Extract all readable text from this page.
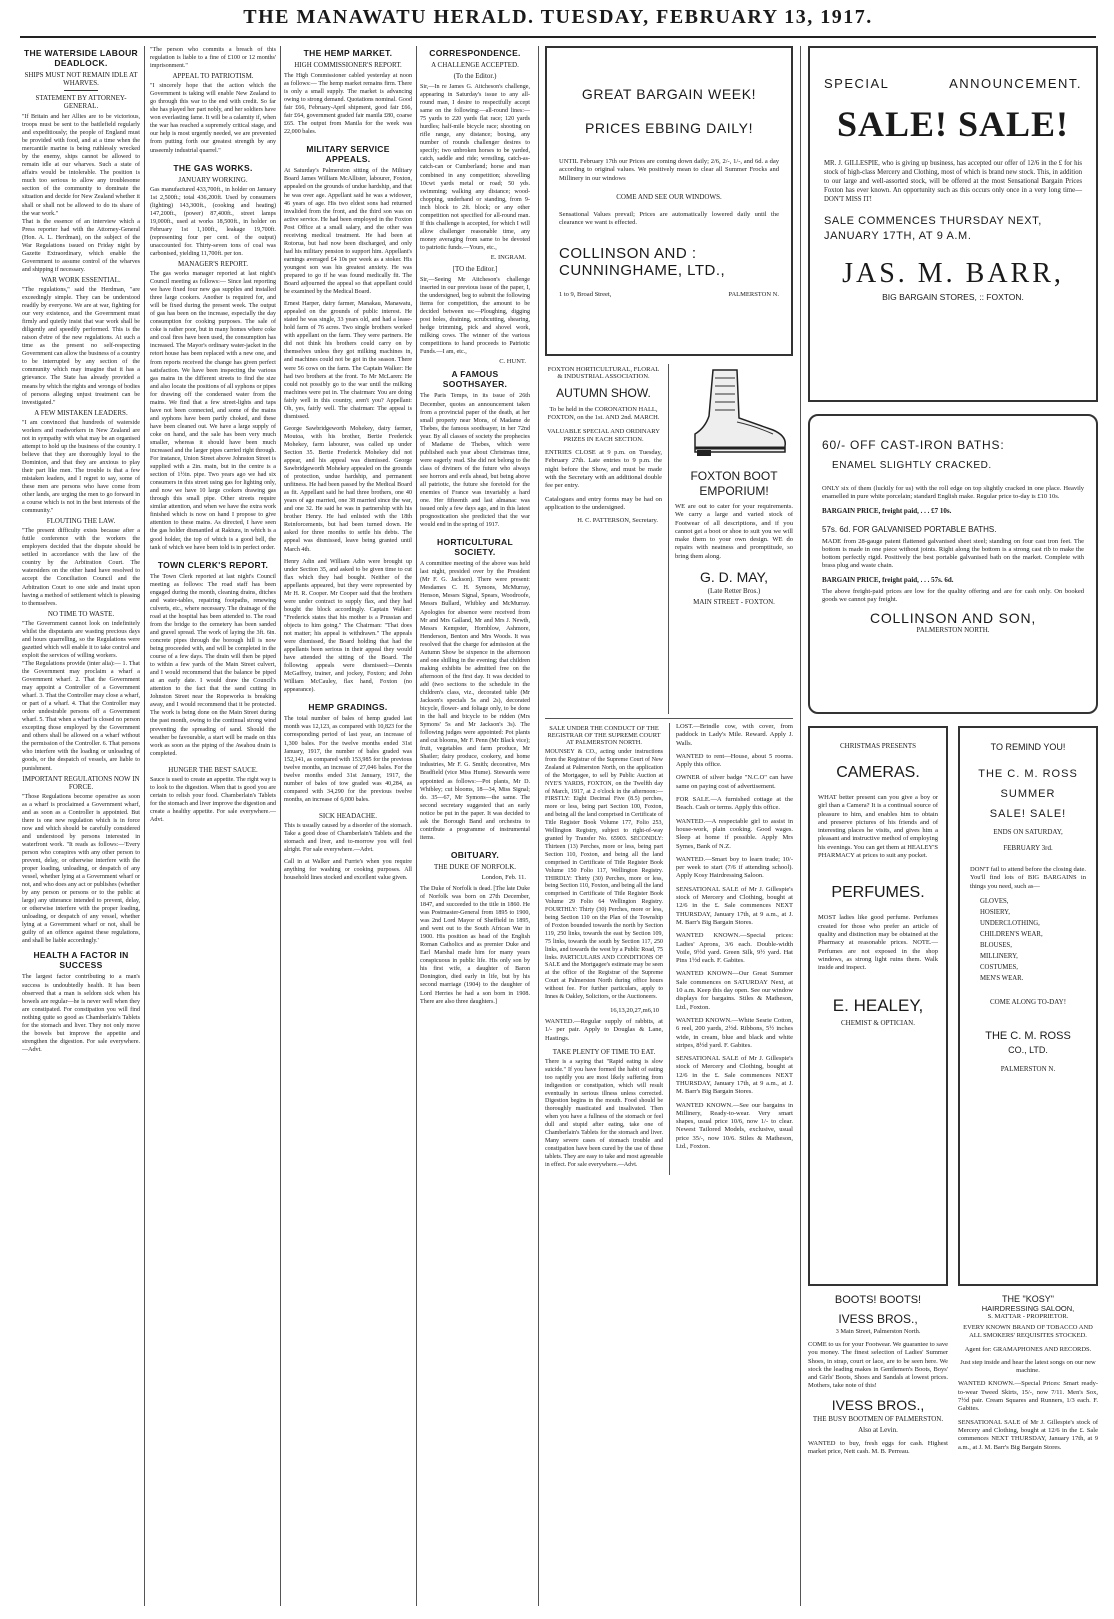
THE MANAWATU HERALD. TUESDAY, FEBRUARY 13, 1917.
THE WATERSIDE LABOUR DEADLOCK.
SHIPS MUST NOT REMAIN IDLE AT WHARVES.
STATEMENT BY ATTORNEY-GENERAL.

"If Britain and her Allies are to be victorious, troops must be sent to the battlefield regularly and expeditiously; the people of England must be provided with food, and at a time when the mercantile marine is being ruthlessly wrecked by the enemy, ships cannot be allowed to remain idle at our wharves. Such a state of affairs would be intolerable. The position is much too serious to allow any troublesome section of the community to dominate the situation and decide for New Zealand whether it shall or shall not be allowed to do its share of the war work."

That is the essence of an interview which a Press reporter had with the Attorney-General (Hon. A. L. Herdman), on the subject of the War Regulations issued on Friday night by Gazette Extraordinary, which enable the Government to assume control of the wharves and shipping if necessary.

WAR WORK ESSENTIAL.

"The regulations," said the Herdman, "are exceedingly simple. They can be understood readily by everyone. We are at war, fighting for our very existence, and the Government must firmly and quietly insist that war work shall be diligently and speedily performed. This is the raison d'etre of the new regulations. At such a time as the present no self-respecting Government can allow the business of a country to be interrupted by any section of the community which may imagine that it has a grievance. The State has already provided a means by which the rights and wrongs of bodies of persons alleging unjust treatment can be investigated."

A FEW MISTAKEN LEADERS.

"I am convinced that hundreds of waterside workers and roadworkers in New Zealand are not in sympathy with what may be an organised attempt to hold up the business of the country. I believe that they are thoroughly loyal to the Dominion, and that they are anxious to play their part like men. The trouble is that a few mistaken leaders, and I regret to say, some of these men are persons who have come from other lands, are urging the men to go forward in a course which is not in the best interests of the community."

FLOUTING THE LAW.

"The present difficulty exists because after a futile conference with the workers the employers decided that the dispute should be settled in accordance with the law of the country by the Arbitration Court. The watersiders on the other hand have resolved to accept the Conciliation Council and the Arbitration Court to one side and insist upon having a method of settlement which is pleasing to themselves.

NO TIME TO WASTE.

"The Government cannot look on indefinitely whilst the disputants are wasting precious days and hours quarrelling, so the Regulations were gazetted which will enable it to take control and exploit the services of willing workers.

"The Regulations provide (inter alia):— 1. That the Government may proclaim a wharf a Government wharf. 2. That the Government may appoint a Controller of a Government wharf. 3. That the Controller may close a wharf, or part of a wharf. 4. That the Controller may order undesirable persons off a Government wharf. 5. That when a wharf is closed no person excepting those employed by the Government and others shall be allowed on a wharf without the permission of the Controller. 6. That persons who interfere with the loading or unloading of goods, or the despatch of vessels, are liable to punishment.

IMPORTANT REGULATIONS NOW IN FORCE.

"Those Regulations become operative as soon as a wharf is proclaimed a Government wharf, and as soon as a Controller is appointed. But there is one new regulation which is in force now and which should be carefully considered and understood by persons interested in waterfront work. "It reads as follows:—'Every person who conspires with any other person to prevent, delay, or otherwise interfere with the proper loading, unloading, or despatch of any vessel, whether lying at a Government wharf or not, and who does any act or publishes (whether by any person or persons or to the public at large) any utterance intended to prevent, delay, or otherwise interfere with the proper loading, unloading, or despatch of any vessel, whether lying at a Government wharf or not, shall be guilty of an offence against these regulations, and shall be liable accordingly.'

HEALTH A FACTOR IN SUCCESS

The largest factor contributing to a man's success is undoubtedly health. It has been observed that a man is seldom sick when his bowels are regular—he is never well when they are constipated. For constipation you will find nothing quite so good as Chamberlain's Tablets for the stomach and liver. They not only move the bowels but improve the appetite and strengthen the digestion. For sale everywhere. —Advt.

"The person who commits a breach of this regulation is liable to a fine of £100 or 12 months' imprisonment."

APPEAL TO PATRIOTISM.

"I sincerely hope that the action which the Government is taking will enable New Zealand to go through this war to the end with credit. So far she has played her part nobly, and her soldiers have won everlasting fame. It will be a calamity if, when the war has reached a supremely critical stage, and our help is most urgently needed, we are prevented from putting forth our greatest strength by any unseemly industrial quarrel."

THE GAS WORKS.
JANUARY WORKING.

Gas manufactured 433,700ft., in holder on January 1st 2,500ft.; total 436,200ft. Used by consumers (lighting) 143,300ft., (cooking and heating) 147,200ft., (power) 87,400ft., street lamps 19,000ft., used at works 18,500ft., in holder on February 1st 1,100ft., leakage 19,700ft. (representing four per cent. of the output) unaccounted for. Thirty-seven tons of coal was carbonised, yielding 11,700ft. per ton.

MANAGER'S REPORT.

The gas works manager reported at last night's Council meeting as follows:— Since last reporting we have fixed four new gas supplies and installed three large cookers. Another is required for, and will be fixed during the present week. The output of gas has been on the increase, especially the day consumption for cooking purposes. The sale of coke is rather poor, but in many homes where coke and coal fires have been used, the consumption has increased. The Mayor's ordinary water-jacket in the retort house has been replaced with a new one, and from reports received the change has given perfect satisfaction. We have been inspecting the various gas mains in the different streets to find the size and also locate the positions of all syphons or pipes for drawing off the condensed water from the mains. We find that a few street-lights and taps have not been connected, and some of the mains and syphons have been partly choked, and these have been cleaned out. We have a large supply of coke on hand, and the sale has been very much smaller, whereas it should have been much increased and the larger pipes carried right through. For instance, Union Street above Johnston Street is supplied with a 2in. main, but in the centre is a section of 1½in. pipe. Two years ago we had six consumers in this street using gas for lighting only, and now we have 10 large cookers drawing gas through this small pipe. Other streets require similar attention, and when we have the extra work finished which is now on hand I propose to give attention to these mains. As directed, I have seen the gas holder dismantled at Rakiura, in which is a good holder, the top of which is a good bell, the tank of which we have been told is in perfect order.

TOWN CLERK'S REPORT.

The Town Clerk reported at last night's Council meeting as follows: The road staff has been engaged during the month, cleaning drains, ditches and water-tables, repairing footpaths, renewing culverts, etc., where necessary. The drainage of the road at the hospital has been attended to. The road from the bridge to the cemetery has been sanded and gravel spread. The work of laying the 3ft. 6in. concrete pipes through the borough hill is now being proceeded with, and will be completed in the course of a few days. The drain will then be piped to within a few yards of the Main Street culvert, and I would recommend that the balance be piped at an early date. I would draw the Council's attention to the fact that the sand cutting in Johnston Street near the Ropeworks is breaking away, and I would recommend that it be protected. The work is being done on the Main Street during the past month, owing to the continual strong wind preventing the spreading of sand. Should the weather be favourable, a start will be made on this work as soon as the piping of the Awahou drain is completed.

HUNGER THE BEST SAUCE.

Sauce is used to create an appetite. The right way is to look to the digestion. When that is good you are certain to relish your food. Chamberlain's Tablets for the stomach and liver improve the digestion and create a healthy appetite. For sale everywhere.—Advt.

THE HEMP MARKET.
HIGH COMMISSIONER'S REPORT.

The High Commissioner cabled yesterday at noon as follows:— The hemp market remains firm. There is only a small supply. The market is advancing owing to strong demand. Quotations nominal. Good fair £66, February-April shipment, good fair £66, fair £64, government graded fair manila £80, coarse £65. The output from Manila for the week was 22,000 bales.

MILITARY SERVICE APPEALS.

At Saturday's Palmerston sitting of the Military Board James William McAllister, labourer, Foxton, appealed on the grounds of undue hardship, and that he was over age. Appellant said he was a widower, 46 years of age. His two eldest sons had returned invalided from the front, and the third son was on active service. He had been employed in the Foxton Post Office at a small salary, and the other was receiving medical treatment. He had been at Rotorua, but had now been discharged, and only had his military pension to support him. Appellant's earnings averaged £4 10s per week as a stoker. His youngest son was his greatest anxiety. He was prepared to go if he was found medically fit. The Board adjourned the appeal so that appellant could be examined by the Medical Board.

Ernest Harper, dairy farmer, Manakau, Manawatu, appealed on the grounds of public interest. He stated he was single, 33 years old, and had a lease-hold farm of 76 acres. Two single brothers worked with appellant on the farm. They were partners. He did not think his brothers could carry on by themselves unless they got milking machines in, and machines could not be got in the season. There were 56 cows on the farm. The Captain Walker: He had two brothers at the front. To Mr McLaren: He could not possibly go to the war until the milking machines were put in. The chairman: You are doing fairly well in this country, aren't you? Appellant: Oh, yes, fairly well. The chairman: The appeal is dismissed.

George Sawbridgeworth Mohekey, dairy farmer, Moutoa, with his brother, Bertie Frederick Mohekey, farm labourer, was called up under Section 35. Bertie Frederick Mohekey did not appear, and his appeal was dismissed. George Sawbridgeworth Mohekey appealed on the grounds of protection, undue hardship, and permanent unfitness. He had been passed by the Medical Board as fit. Appellant said he had three brothers, one 40 years of age married, one 38 married since the war, and one 32. He said he was in partnership with his brother Henry. He had enlisted with the 18th Reinforcements, but had been turned down. He asked for three months to settle his debts. The appeal was dismissed, leave being granted until March 4th.

Henry Adin and William Adin were brought up under Section 35, and asked to be given time to cut flax which they had bought. Neither of the appellants appeared, but they were represented by Mr H. R. Cooper. Mr Cooper said that the brothers were under contract to supply flax, and they had bought the block accordingly. Captain Walker: "Frederick states that his mother is a Prussian and objects to him going." The Chairman: "That does not matter; his appeal is withdrawn." The appeals were dismissed, the Board holding that had the appellants been serious in their appeal they would have attended the sitting of the Board. The following appeals were dismissed:—Dennis McGaffrey, trainer, and jockey, Foxton; and John William McCauley, flax hand, Foxton (no appearance).

HEMP GRADINGS.

The total number of bales of hemp graded last month was 12,123, as compared with 10,823 for the corresponding period of last year, an increase of 1,300 bales. For the twelve months ended 31st January, 1917, the number of bales graded was 152,141, as compared with 153,985 for the previous twelve months, an increase of 27,046 bales. For the twelve months ended 31st January, 1917, the number of bales of tow graded was 40,284, as compared with 34,290 for the previous twelve months, an increase of 6,000 bales.

SICK HEADACHE.

This is usually caused by a disorder of the stomach. Take a good dose of Chamberlain's Tablets and the stomach and liver, and to-morrow you will feel alright. For sale everywhere.—Advt.

Call in at Walker and Furrie's when you require anything for washing or cooking purposes. All household lines stocked and excellent value given.

CORRESPONDENCE.
A CHALLENGE ACCEPTED.
(To the Editor.)

Sir,—In re James G. Aitcheson's challenge, appearing in Saturday's issue to any all-round man, I desire to respectfully accept same on the following:—all-round lines:— 75 yards to 220 yards flat race; 120 yards hurdles; half-mile bicycle race; shooting on rifle range, any distance; boxing, any number of rounds challenger desires to specify; two unbroken horses to be yarded, catch, saddle and ride; wrestling, catch-as-catch-can or Cumberland; horse and man combined in any competition; shovelling 10cwt yards metal or road; 50 yds. swimming; walking any distance; wood-chopping, underhand or standing, from 9-inch block to 2ft. block; or any other competition not specified for all-round man. If this challenge is accepted, for which I will allow challenger reasonable time, any money averaging from same to be devoted to patriotic funds.—Yours, etc.,

E. INGRAM.
[TO the Editor.]

Sir,—Seeing Mr Aitcheson's challenge inserted in our previous issue of the paper, I, the undersigned, beg to submit the following items for competition, the amount to be decided between us:—Ploughing, digging post holes, draining, scrubcutting, shearing, hedge trimming, pick and shovel work, milking cows. The winner of the various competitions to hand proceeds to Patriotic Funds.—I am, etc.,

C. HUNT.
A FAMOUS SOOTHSAYER.

The Paris Temps, in its issue of 26th December, quotes an announcement taken from a provincial paper of the death, at her small property near Mons, of Madame de Thebes, the famous soothsayer, in her 72nd year. By all classes of society the prophecies of Madame de Thebes, which were published each year about Christmas time, were eagerly read. She did not belong to the class of diviners of the future who always see horrors and evils ahead, but being above all patriotic, the future she foretold for the enemies of France was invariably a hard one. Her fifteenth and last almanac was issued only a few days ago, and in this latest prognostication she predicted that the war would end in the spring of 1917.

HORTICULTURAL SOCIETY.

A committee meeting of the above was held last night, presided over by the President (Mr F. G. Jackson). There were present: Mesdames C. H. Symons, McMurray, Henson, Messrs Signal, Spears, Woodroofe, Messrs Bullard, Whibley and McMurray. Apologies for absence were received from Mr and Mrs Galland, Mr and Mrs J. Newth, Messrs Kempster, Hornblow, Ashmore, Henderson, Benton and Mrs Woods. It was resolved that the charge for admission at the Autumn Show be sixpence in the afternoon and one shilling in the evening; that children making exhibits be admitted free on the afternoon of the first day. It was decided to add (two sections to the schedule in the children's class, viz., decorated table (Mr Jackson's specials 5s and 2s), decorated bicycle, flower- and foliage only, to be done in the hall and bicycle to be ridden (Mrs Symons' 5s and Mr Jackson's 3s). The following judges were appointed: Pot plants and cut blooms, Mr F. Penn (Mr Black vice); fruit, vegetables and farm produce, Mr Shailer; dairy produce, cookery, and home industries, Mr F. G. Smith; decorative, Mrs Bradfield (vice Miss Hume). Stewards were appointed as follows:—Pot plants, Mr D. Whibley; cut blooms, 18—34, Miss Signal; do. 35—67, Mr Symons—the same. The second secretary suggested that an early notice be put in the paper. It was decided to ask the Borough Band and orchestra to contribute a programme of instrumental items.

OBITUARY.
THE DUKE OF NORFOLK.
London, Feb. 11.

The Duke of Norfolk is dead. [The late Duke of Norfolk was born on 27th December, 1847, and succeeded to the title in 1860. He was Postmaster-General from 1895 to 1900, was 2nd Lord Mayor of Sheffield in 1895, and went out to the South African War in 1900. His position as head of the English Roman Catholics and as premier Duke and Earl Marshal made him for many years conspicuous in public life. His only son by his first wife, a daughter of Baron Donington, died early in life, but by his second marriage (1904) to the daughter of Lord Herries he had a son born in 1908. There are also three daughters.]

GREAT BARGAIN WEEK!
PRICES EBBING DAILY!

UNTIL February 17th our Prices are coming down daily; 2/6, 2/-, 1/-, and 6d. a day according to original values. We positively mean to clear all Summer Frocks and Millinery in our windows

COME AND SEE OUR WINDOWS.

Sensational Values prevail; Prices are automatically lowered daily until the clearance we want is effected.

COLLINSON AND :
CUNNINGHAME, LTD.,
1 to 9, Broad Street,	PALMERSTON N.
FOXTON HORTICULTURAL, FLORAL & INDUSTRIAL ASSOCIATION.
AUTUMN SHOW.

To be held in the CORONATION HALL, FOXTON, on the 1st. AND 2nd. MARCH.

VALUABLE SPECIAL AND ORDINARY PRIZES IN EACH SECTION.

ENTRIES CLOSE at 9 p.m. on Tuesday, February 27th. Late entries to 9 p.m. the night before the Show, and must be made with the Secretary with an additional double fee per entry.

Catalogues and entry forms may be had on application to the undersigned.

H. C. PATTERSON, Secretary.
FOXTON BOOT EMPORIUM!

WE are out to cater for your requirements. We carry a large and varied stock of Footwear of all descriptions, and if you cannot get a boot or shoe to suit you we will make them to your own design. WE do repairs with neatness and promptitude, so bring them along.

G. D. MAY,
(Late Retter Bros.)
MAIN STREET - FOXTON.
SALE UNDER THE CONDUCT OF THE REGISTRAR OF THE SUPREME COURT AT PALMERSTON NORTH.

MOUNSEY & CO., acting under instructions from the Registrar of the Supreme Court of New Zealand at Palmerston North, on the application of the Mortgagee, to sell by Public Auction at NYE'S YARDS, FOXTON, on the Twelfth day of March, 1917, at 2 o'clock in the afternoon:— FIRSTLY: Eight Decimal Five (8.5) perches, more or less, being part Section 100, Foxton, and being all the land comprised in Certificate of Title Register Book Volume 177, Folio 253, Wellington Registry, subject to right-of-way granted by Transfer No. 65903. SECONDLY: Thirteen (13) Perches, more or less, being part Section 110, Foxton, and being all the land comprised in Certificate of Title Register Book Volume 150 Folio 117, Wellington Registry. THIRDLY: Thirty (30) Perches, more or less, being Section 110, Foxton, and being all the land comprised in Certificate of Title Register Book Volume 29 Folio 64 Wellington Registry. FOURTHLY: Thirty (30) Perches, more or less, being Section 110 on the Plan of the Township of Foxton bounded towards the north by Section 119, 250 links, towards the east by Section 109, 75 links, towards the south by Section 117, 250 links, and towards the west by a Public Road, 75 links. PARTICULARS AND CONDITIONS OF SALE and the Mortgagee's estimate may be seen at the office of the Registrar of the Supreme Court at Palmerston North during office hours without fee. For further particulars, apply to Innes & Oakley, Solicitors, or the Auctioneers.

16,13,20,27,m6,10

WANTED.—Regular supply of rabbits, at 1/- per pair. Apply to Douglas & Lane, Hastings.

TAKE PLENTY OF TIME TO EAT.

There is a saying that "Rapid eating is slow suicide." If you have formed the habit of eating too rapidly you are most likely suffering from indigestion or constipation, which will result eventually in serious illness unless corrected. Digestion begins in the mouth. Food should be thoroughly masticated and insalivated. Then when you have a fullness of the stomach or feel dull and stupid after eating, take one of Chamberlain's Tablets for the stomach and liver. Many severe cases of stomach trouble and constipation have been cured by the use of these tablets. They are easy to take and most agreeable in effect. For sale everywhere.—Advt.

LOST.—Brindle cow, with cover, from paddock in Lady's Mile. Reward. Apply J. Walls.

WANTED to rent—House, about 5 rooms. Apply this office.

OWNER of silver badge "N.C.O" can have same on paying cost of advertisement.

FOR SALE.—A furnished cottage at the Beach. Cash or terms. Apply this office.

WANTED.—A respectable girl to assist in house-work, plain cooking. Good wages. Sleep at home if possible. Apply Mrs Symes, Bank of N.Z.

WANTED.—Smart boy to learn trade; 10/- per week to start (7/6 if attending school). Apply Kosy Hairdressing Saloon.

SENSATIONAL SALE of Mr J. Gillespie's stock of Mercery and Clothing, bought at 12/6 in the £. Sale commences NEXT THURSDAY, January 17th, at 9 a.m., at J. M. Barr's Big Bargain Stores.

WANTED KNOWN.—Special prices: Ladies' Aprons, 3/6 each. Double-width Voile, 9½d yard. Green Silk, 9½ yard. Hat Pins 1½d each. F. Gabites.

WANTED KNOWN—Our Great Summer Sale commences on SATURDAY Next, at 10 a.m. Keep this day open. See our window displays for bargains. Stiles & Matheson, Ltd., Foxton.

WANTED KNOWN.—White Sesrie Cotton, 6 reel, 200 yards, 2½d. Ribbons, 5½ inches wide, in cream, blue and black and white stripes, 8½d yard. F. Gabites.

SENSATIONAL SALE of Mr J. Gillespie's stock of Mercery and Clothing, bought at 12/6 in the £. Sale commences NEXT THURSDAY, January 17th, at 9 a.m., at J. M. Barr's Big Bargain Stores.

WANTED KNOWN.—See our bargains in Millinery, Ready-to-wear. Very smart shapes, usual price 10/6, now 1/- to clear. Newest Tailored Models, exclusive, usual price 35/-, now 10/6. Stiles & Matheson, Ltd., Foxton.

SPECIAL	ANNOUNCEMENT.
SALE! SALE!

MR. J. GILLESPIE, who is giving up business, has accepted our offer of 12/6 in the £ for his stock of high-class Mercery and Clothing, most of which is brand new stock. This, in addition to our large and well-assorted stock, will be offered at the most Sensational Bargain Prices Foxton has ever known. An opportunity such as this occurs only once in a very long time—DON'T MISS IT!

SALE COMMENCES THURSDAY NEXT, JANUARY 17TH, AT 9 A.M.
JAS. M. BARR,
BIG BARGAIN STORES, :: FOXTON.
60/- OFF CAST-IRON BATHS:
ENAMEL SLIGHTLY CRACKED.

ONLY six of them (luckily for us) with the roll edge on top slightly cracked in one place. Heavily enamelled in pure white porcelain; standard English make. Regular price to-day is £10 10s.

BARGAIN PRICE, freight paid, . . . £7 10s.
57s. 6d. FOR GALVANISED PORTABLE BATHS.

MADE from 28-gauge patent flattened galvanised sheet steel; standing on four cast iron feet. The bottom is made in one piece without joints. Right along the bottom is a strong cast rib to make the bottom perfectly rigid. Positively the best portable galvanised bath on the market. Complete with brass plug and waste chain.

BARGAIN PRICE, freight paid, . . . 57s. 6d.

The above freight-paid prices are low for the quality offering and are for cash only. On booked goods we cannot pay freight.

COLLINSON AND SON,
PALMERSTON NORTH.
CHRISTMAS PRESENTS
CAMERAS.

WHAT better present can you give a boy or girl than a Camera? It is a continual source of pleasure to him, and enables him to obtain and preserve pictures of his friends and of interesting places he visits, and gives him a pleasant and instructive method of employing his evenings. You can get them at HEALEY'S PHARMACY at prices to suit any pocket.

PERFUMES.

MOST ladies like good perfume. Perfumes created for those who prefer an article of quality and distinction may be obtained at the Pharmacy at reasonable prices. NOTE.—Perfumes are not exposed in the shop windows, as strong light ruins them. Walk inside and inspect.

E. HEALEY,
CHEMIST & OPTICIAN.
BOOTS! BOOTS!
IVESS BROS.,
3 Main Street, Palmerston North.

COME to us for your Footwear. We guarantee to save you money. The finest selection of Ladies' Summer Shoes, in strap, court or lace, are to be seen here. We stock the leading makes in Gentlemen's Boots, Boys' and Girls' Boots, Shoes and Sandals at lowest prices. Mothers, take note of this!

IVESS BROS.,
THE BUSY BOOTMEN OF PALMERSTON.
Also at Levin.

WANTED to buy, fresh eggs for cash. Highest market price, Nett cash. M. B. Perreau.

TO REMIND YOU!
THE C. M. ROSS
SUMMER
SALE! SALE!
ENDS ON SATURDAY,
FEBRUARY 3rd.

DON'T fail to attend before the closing date. You'll find lots of BIG BARGAINS in things you need, such as—

GLOVES,
HOSIERY,
UNDERCLOTHING,
CHILDREN'S WEAR,
BLOUSES,
MILLINERY,
COSTUMES,
MEN'S WEAR.
COME ALONG TO-DAY!
THE C. M. ROSS
CO., LTD.
PALMERSTON N.
THE "KOSY"
HAIRDRESSING SALOON,
S. MATTAR - PROPRIETOR.

EVERY KNOWN BRAND OF TOBACCO AND ALL SMOKERS' REQUISITES STOCKED.

Agent for: GRAMAPHONES AND RECORDS.

Just step inside and hear the latest songs on our new machine.

WANTED KNOWN.—Special Prices: Smart ready-to-wear Tweed Skirts, 15/-, now 7/11. Men's Sox, 7½d pair. Cream Squares and Runners, 1/3 each. F. Gabites.

SENSATIONAL SALE of Mr J. Gillespie's stock of Mercery and Clothing, bought at 12/6 in the £. Sale commences NEXT THURSDAY, January 17th, at 9 a.m., at J. M. Barr's Big Bargain Stores.
